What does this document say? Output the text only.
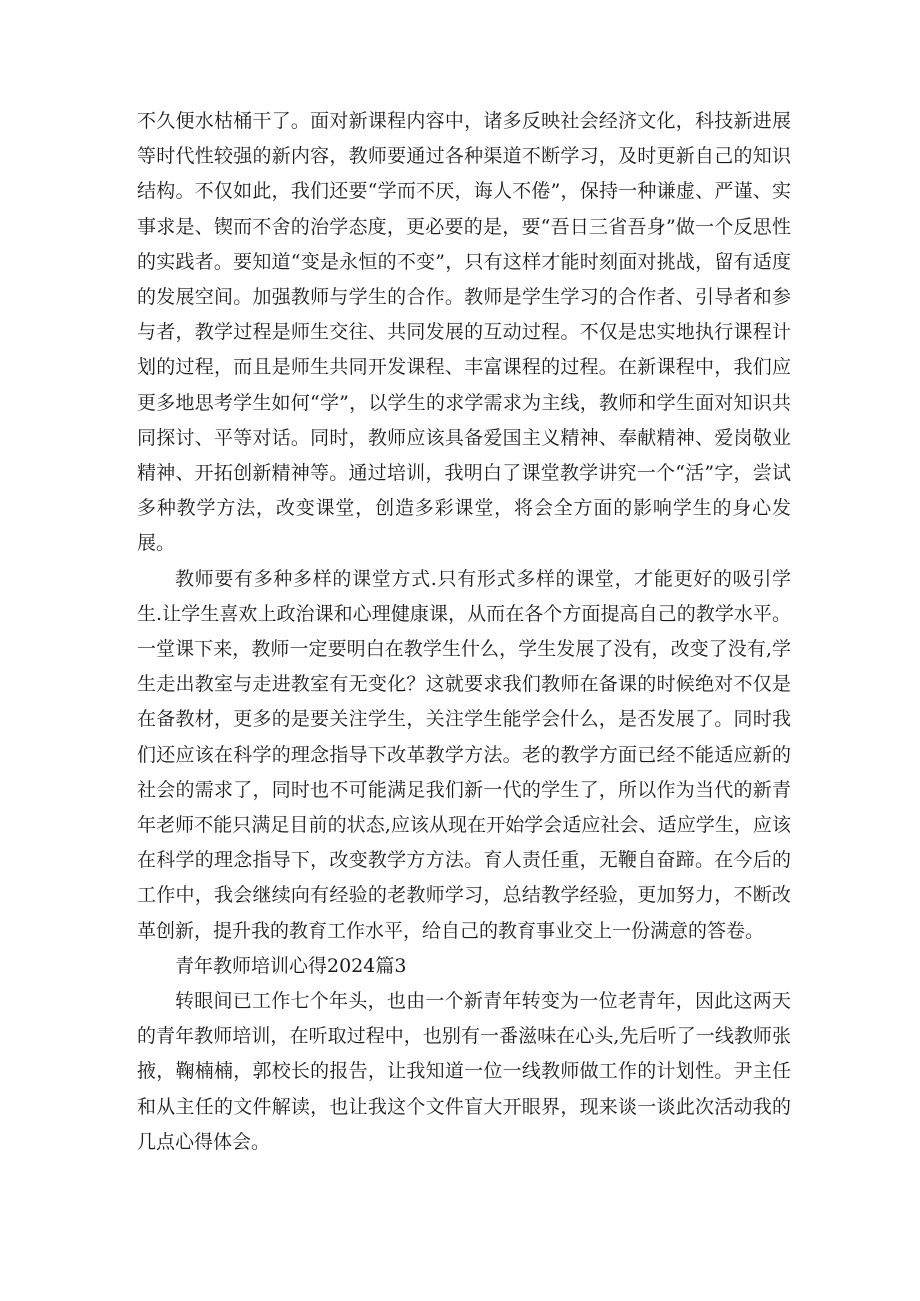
不久便水枯桶干了。面对新课程内容中，诸多反映社会经济文化，科技新进展等时代性较强的新内容，教师要通过各种渠道不断学习，及时更新自己的知识结构。不仅如此，我们还要“学而不厌，诲人不倦”，保持一种谦虚、严谨、实事求是、锲而不舍的治学态度，更必要的是，要“吾日三省吾身”做一个反思性的实践者。要知道“变是永恒的不变”，只有这样才能时刻面对挑战，留有适度的发展空间。加强教师与学生的合作。教师是学生学习的合作者、引导者和参与者，教学过程是师生交往、共同发展的互动过程。不仅是忠实地执行课程计划的过程，而且是师生共同开发课程、丰富课程的过程。在新课程中，我们应更多地思考学生如何“学”，以学生的求学需求为主线，教师和学生面对知识共同探讨、平等对话。同时，教师应该具备爱国主义精神、奉献精神、爱岗敬业精神、开拓创新精神等。通过培训，我明白了课堂教学讲究一个“活”字，尝试多种教学方法，改变课堂，创造多彩课堂，将会全方面的影响学生的身心发展。

教师要有多种多样的课堂方式.只有形式多样的课堂，才能更好的吸引学生.让学生喜欢上政治课和心理健康课，从而在各个方面提高自己的教学水平。一堂课下来，教师一定要明白在教学生什么，学生发展了没有，改变了没有,学生走出教室与走进教室有无变化？这就要求我们教师在备课的时候绝对不仅是在备教材，更多的是要关注学生，关注学生能学会什么，是否发展了。同时我们还应该在科学的理念指导下改革教学方法。老的教学方面已经不能适应新的社会的需求了，同时也不可能满足我们新一代的学生了，所以作为当代的新青年老师不能只满足目前的状态,应该从现在开始学会适应社会、适应学生，应该在科学的理念指导下，改变教学方方法。育人责任重，无鞭自奋蹄。在今后的工作中，我会继续向有经验的老教师学习，总结教学经验，更加努力，不断改革创新，提升我的教育工作水平，给自己的教育事业交上一份满意的答卷。

青年教师培训心得2024篇3

转眼间已工作七个年头，也由一个新青年转变为一位老青年，因此这两天的青年教师培训，在听取过程中，也别有一番滋味在心头,先后听了一线教师张掖，鞠楠楠，郭校长的报告，让我知道一位一线教师做工作的计划性。尹主任和从主任的文件解读，也让我这个文件盲大开眼界，现来谈一谈此次活动我的几点心得体会。
